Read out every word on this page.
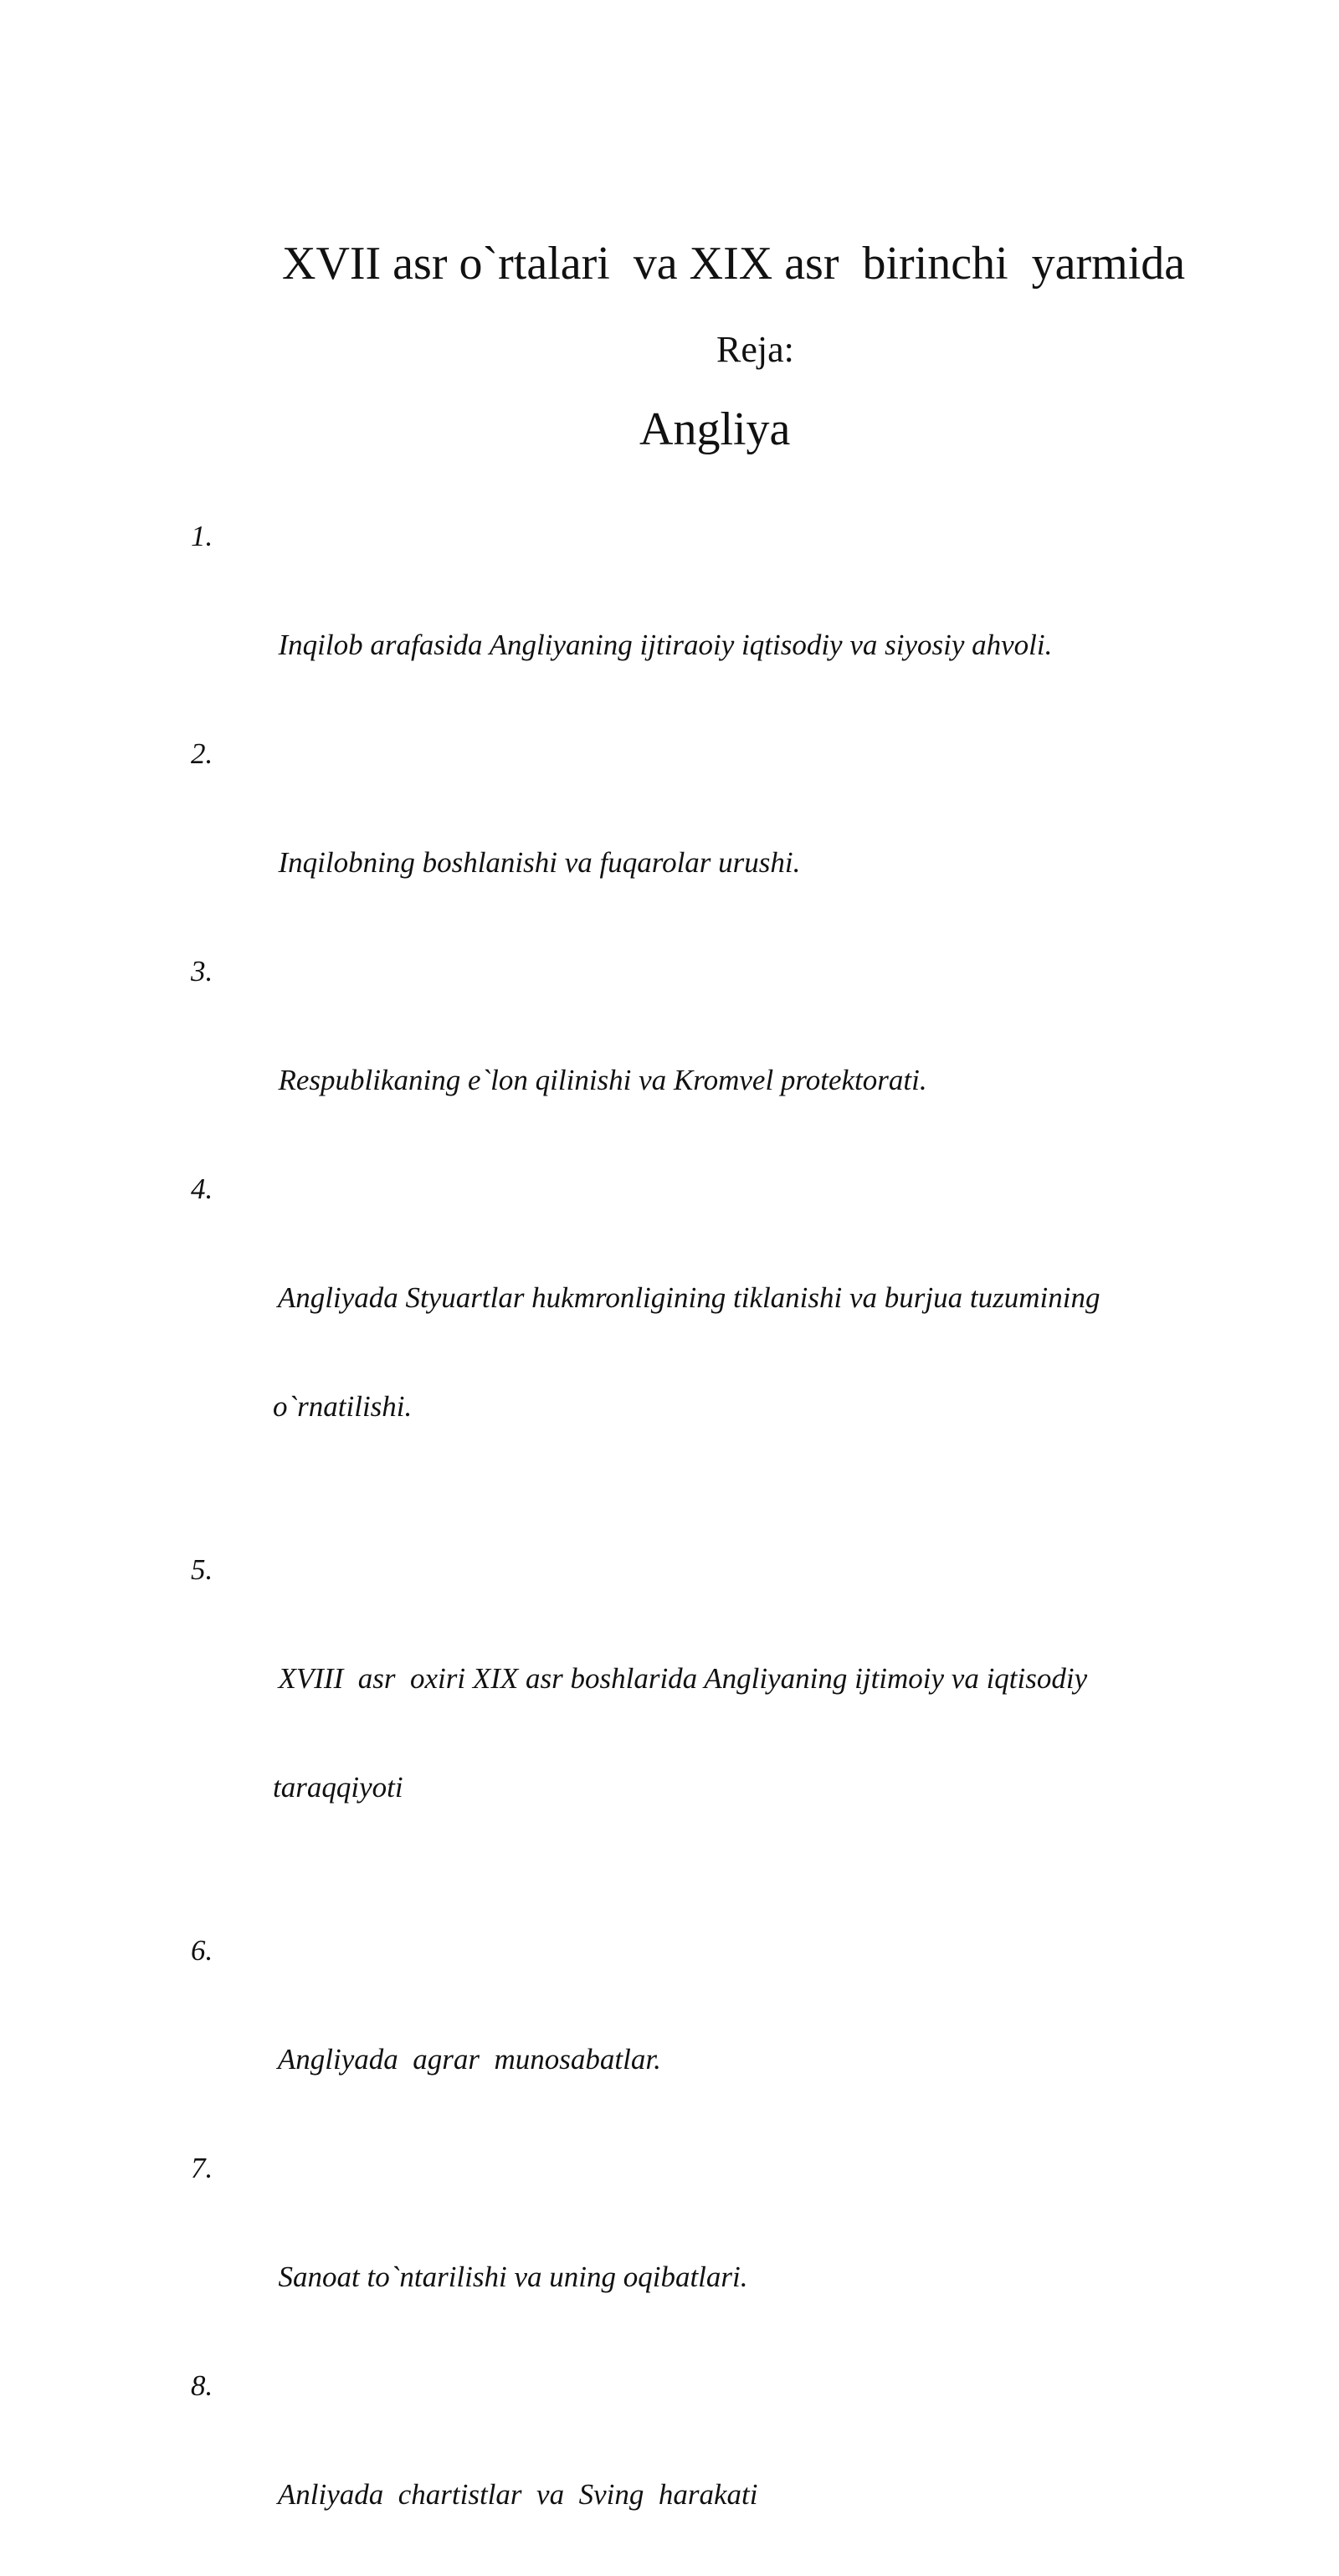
XVII asr o`rtalari  va XIX asr  birinchi  yarmida

Angliya

Reja:

1.

Inqilob arafasida Angliyaning ijtiraoiy iqtisodiy va siyosiy ahvoli.

2.

Inqilobning boshlanishi va fuqarolar urushi.

3.

Respublikaning e`lon qilinishi va Kromvel protektorati.

4.

Angliyada Styuartlar hukmronligining tiklanishi va burjua tuzumining

o`rnatilishi.

5.

XVIII  asr  oxiri XIX asr boshlarida Angliyaning ijtimoiy va iqtisodiy

taraqqiyoti

6.

Angliyada  agrar  munosabatlar.

7.

Sanoat to`ntarilishi va uning oqibatlari.

8.

Anliyada  chartistlar  va  Sving  harakati
